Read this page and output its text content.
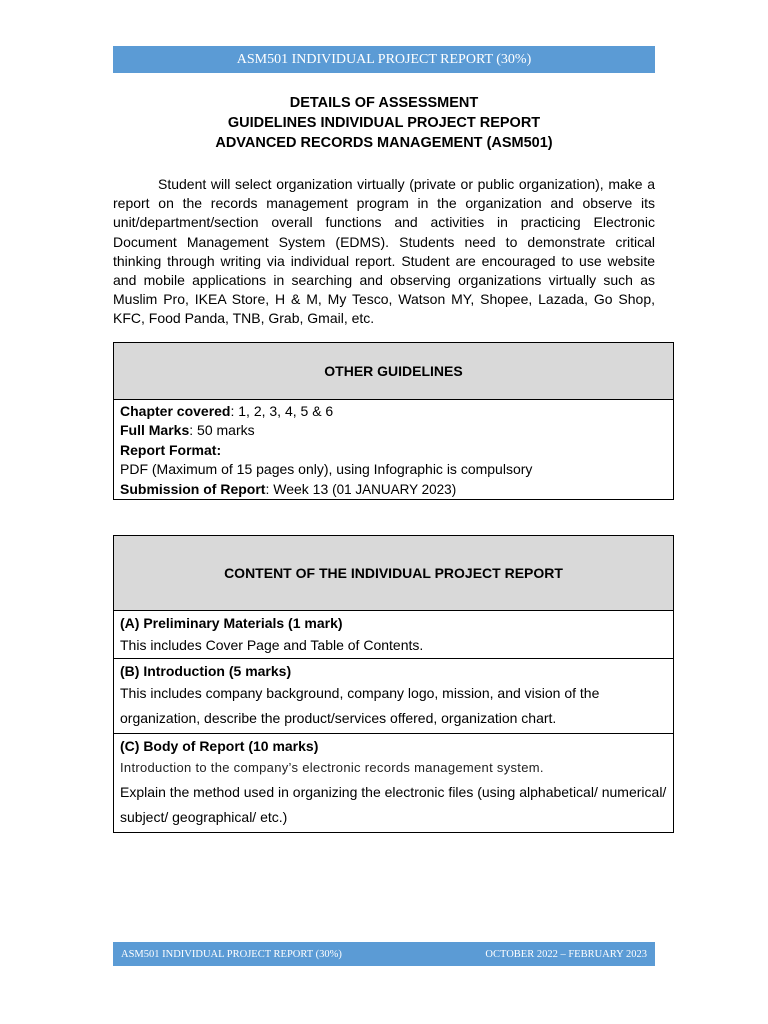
ASM501 INDIVIDUAL PROJECT REPORT (30%)
DETAILS OF ASSESSMENT
GUIDELINES INDIVIDUAL PROJECT REPORT
ADVANCED RECORDS MANAGEMENT (ASM501)

Student will select organization virtually (private or public organization), make a report on the records management program in the organization and observe its unit/department/section overall functions and activities in practicing Electronic Document Management System (EDMS). Students need to demonstrate critical thinking through writing via individual report. Student are encouraged to use website and mobile applications in searching and observing organizations virtually such as Muslim Pro, IKEA Store, H & M, My Tesco, Watson MY, Shopee, Lazada, Go Shop, KFC, Food Panda, TNB, Grab, Gmail, etc.

OTHER GUIDELINES
Chapter covered: 1, 2, 3, 4, 5 & 6
Full Marks: 50 marks
Report Format:
PDF (Maximum of 15 pages only), using Infographic is compulsory
Submission of Report: Week 13 (01 JANUARY 2023)
CONTENT OF THE INDIVIDUAL PROJECT REPORT
(A) Preliminary Materials (1 mark)
This includes Cover Page and Table of Contents.
(B) Introduction (5 marks)
This includes company background, company logo, mission, and vision of the organization, describe the product/services offered, organization chart.
(C) Body of Report (10 marks)
Introduction to the company’s electronic records management system.
Explain the method used in organizing the electronic files (using alphabetical/ numerical/ subject/ geographical/ etc.)
ASM501 INDIVIDUAL PROJECT REPORT (30%)	OCTOBER 2022 – FEBRUARY 2023
